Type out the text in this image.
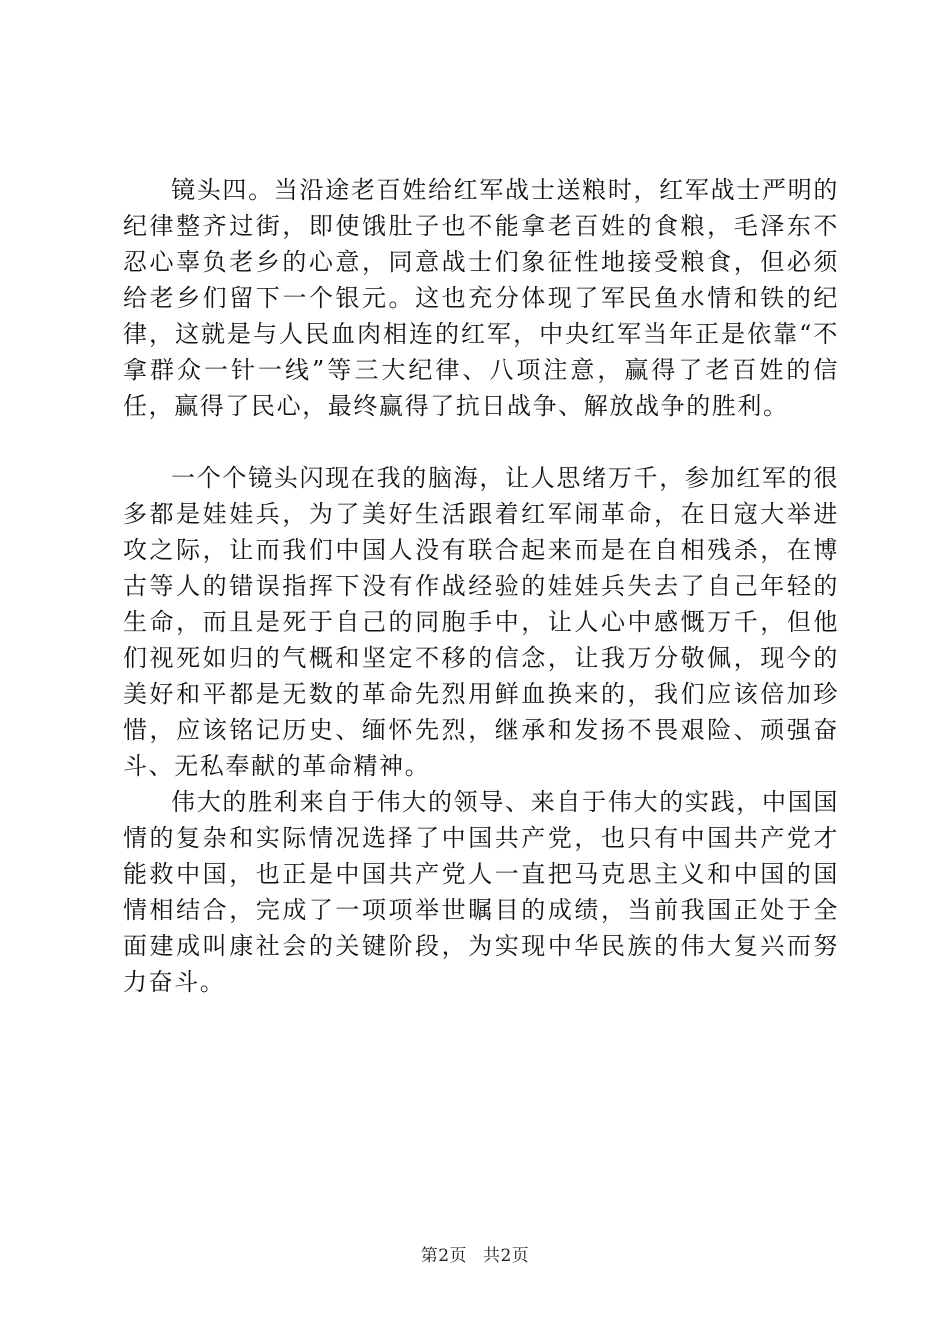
镜头四。当沿途老百姓给红军战士送粮时，红军战士严明的纪律整齐过街，即使饿肚子也不能拿老百姓的食粮，毛泽东不忍心辜负老乡的心意，同意战士们象征性地接受粮食，但必须给老乡们留下一个银元。这也充分体现了军民鱼水情和铁的纪律，这就是与人民血肉相连的红军，中央红军当年正是依靠“不拿群众一针一线”等三大纪律、八项注意，赢得了老百姓的信任，赢得了民心，最终赢得了抗日战争、解放战争的胜利。

一个个镜头闪现在我的脑海，让人思绪万千，参加红军的很多都是娃娃兵，为了美好生活跟着红军闹革命，在日寇大举进攻之际，让而我们中国人没有联合起来而是在自相残杀，在博古等人的错误指挥下没有作战经验的娃娃兵失去了自己年轻的生命，而且是死于自己的同胞手中，让人心中感慨万千，但他们视死如归的气概和坚定不移的信念，让我万分敬佩，现今的美好和平都是无数的革命先烈用鲜血换来的，我们应该倍加珍惜，应该铭记历史、缅怀先烈，继承和发扬不畏艰险、顽强奋斗、无私奉献的革命精神。

伟大的胜利来自于伟大的领导、来自于伟大的实践，中国国情的复杂和实际情况选择了中国共产党，也只有中国共产党才能救中国，也正是中国共产党人一直把马克思主义和中国的国情相结合，完成了一项项举世瞩目的成绩，当前我国正处于全面建成叫康社会的关键阶段，为实现中华民族的伟大复兴而努力奋斗。

第2页 共2页
